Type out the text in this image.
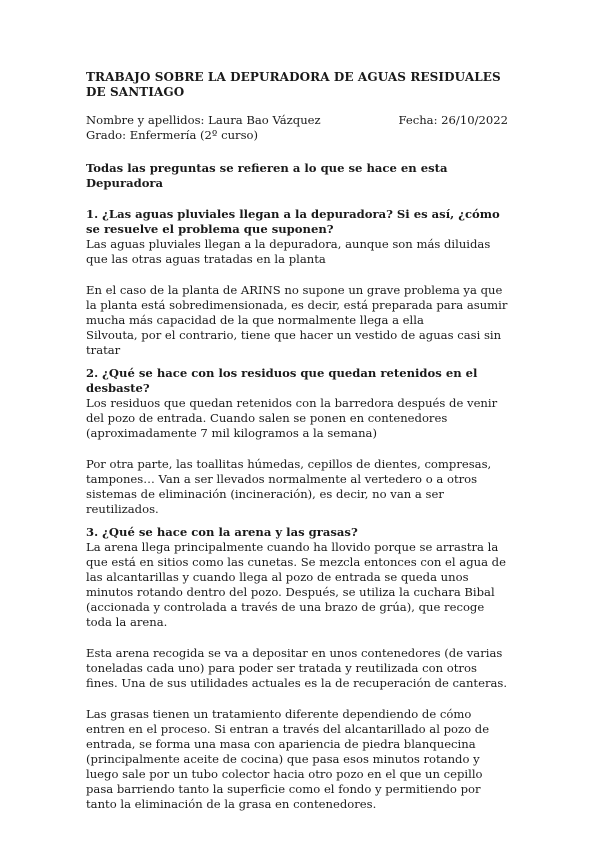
TRABAJO SOBRE LA DEPURADORA DE AGUAS RESIDUALES DE SANTIAGO
Nombre y apellidos: Laura Bao Vázquez	Fecha: 26/10/2022
Grado: Enfermería (2º curso)

Todas las preguntas se refieren a lo que se hace en esta Depuradora

1. ¿Las aguas pluviales llegan a la depuradora? Si es así, ¿cómo se resuelve el problema que suponen?

Las aguas pluviales llegan a la depuradora, aunque son más diluidas que las otras aguas tratadas en la planta

En el caso de la planta de ARINS no supone un grave problema ya que la planta está sobredimensionada, es decir, está preparada para asumir mucha más capacidad de la que normalmente llega a ella

Silvouta, por el contrario, tiene que hacer un vestido de aguas casi sin tratar

2. ¿Qué se hace con los residuos que quedan retenidos en el desbaste?

Los residuos que quedan retenidos con la barredora después de venir del pozo de entrada. Cuando salen se ponen en contenedores (aproximadamente 7 mil kilogramos a la semana)

Por otra parte, las toallitas húmedas, cepillos de dientes, compresas, tampones… Van a ser llevados normalmente al vertedero o a otros sistemas de eliminación (incineración), es decir, no van a ser reutilizados.

3. ¿Qué se hace con la arena y las grasas?

La arena llega principalmente cuando ha llovido porque se arrastra la que está en sitios como las cunetas. Se mezcla entonces con el agua de las alcantarillas y cuando llega al pozo de entrada se queda unos minutos rotando dentro del pozo. Después, se utiliza la cuchara Bibal (accionada y controlada a través de una brazo de grúa), que recoge toda la arena.

Esta arena recogida se va a depositar en unos contenedores (de varias toneladas cada uno) para poder ser tratada y reutilizada con otros fines. Una de sus utilidades actuales es la de recuperación de canteras.

Las grasas tienen un tratamiento diferente dependiendo de cómo entren en el proceso. Si entran a través del alcantarillado al pozo de entrada, se forma una masa con apariencia de piedra blanquecina (principalmente aceite de cocina) que pasa esos minutos rotando y luego sale por un tubo colector hacia otro pozo en el que un cepillo pasa barriendo tanto la superficie como el fondo y permitiendo por tanto la eliminación de la grasa en contenedores.
